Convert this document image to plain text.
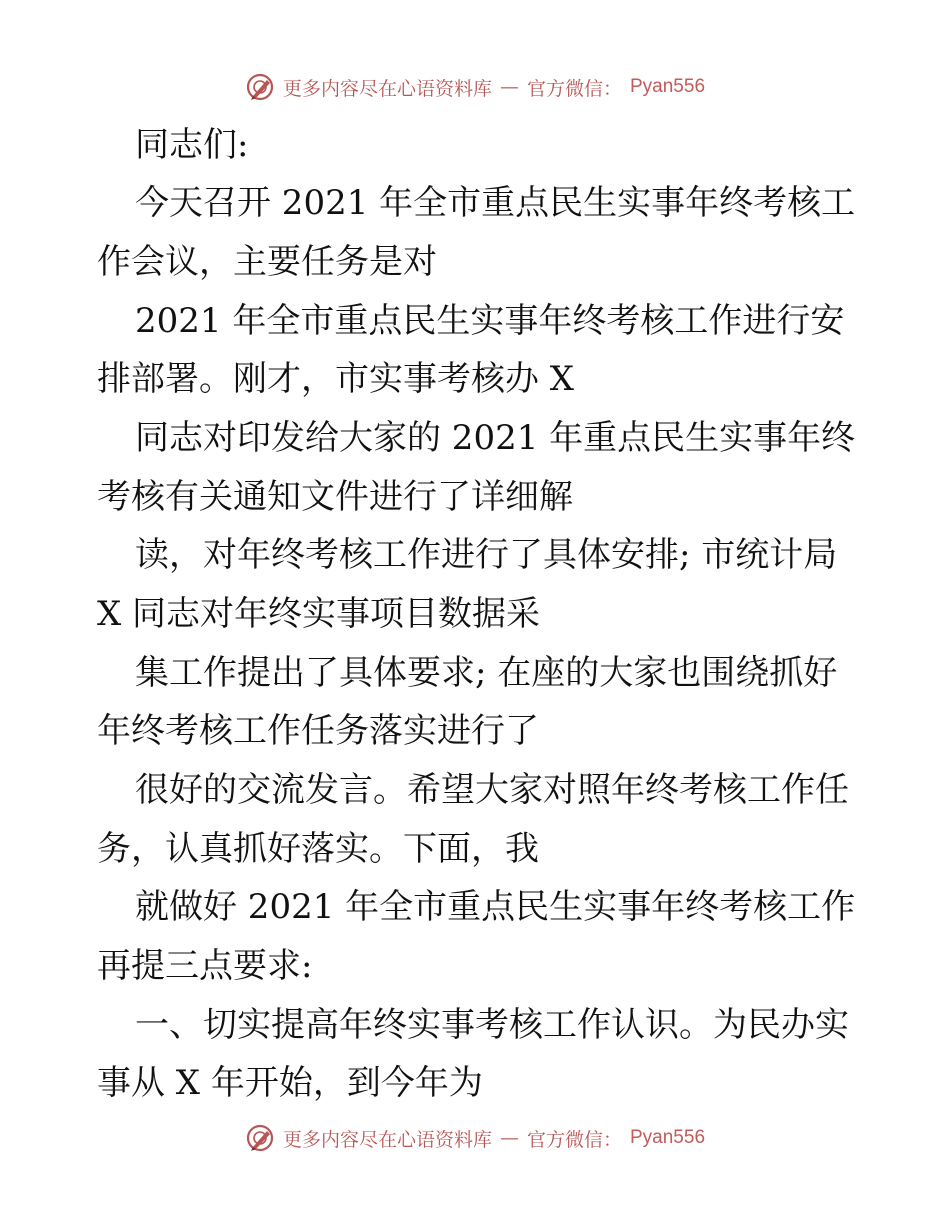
更多内容尽在心语资料库 — 官方微信： Pyan556
同志们:
今天召开 2021 年全市重点民生实事年终考核工
作会议，主要任务是对
2021 年全市重点民生实事年终考核工作进行安
排部署。刚才，市实事考核办 X
同志对印发给大家的 2021 年重点民生实事年终
考核有关通知文件进行了详细解
读，对年终考核工作进行了具体安排; 市统计局
X 同志对年终实事项目数据采
集工作提出了具体要求; 在座的大家也围绕抓好
年终考核工作任务落实进行了
很好的交流发言。希望大家对照年终考核工作任
务，认真抓好落实。下面，我
就做好 2021 年全市重点民生实事年终考核工作
再提三点要求:
一、切实提高年终实事考核工作认识。为民办实
事从 X 年开始，到今年为
更多内容尽在心语资料库 — 官方微信： Pyan556
